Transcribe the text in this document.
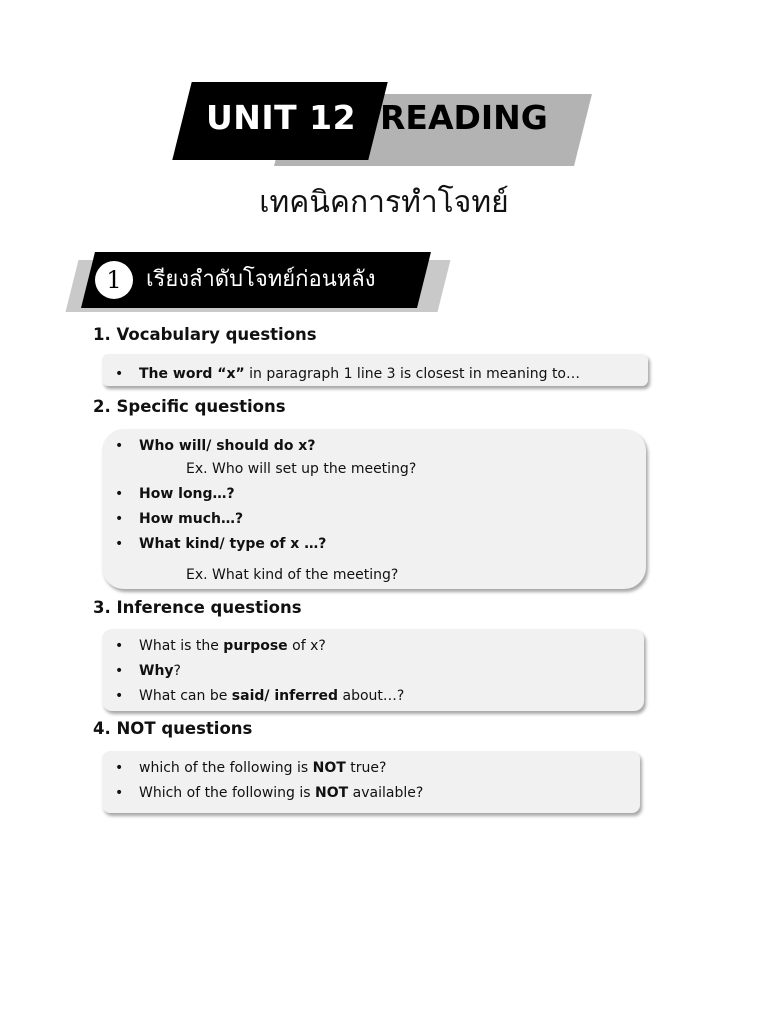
UNIT 12 READING
เทคนิคการทำโจทย์
1	เรียงลำดับโจทย์ก่อนหลัง
1. Vocabulary questions
• The word “x” in paragraph 1 line 3 is closest in meaning to…
2. Specific questions
• Who will/ should do x?
Ex. Who will set up the meeting?
• How long…?
• How much…?
• What kind/ type of x …?
Ex. What kind of the meeting?
3. Inference questions
• What is the purpose of x?
• Why?
• What can be said/ inferred about…?
4. NOT questions
• which of the following is NOT true?
• Which of the following is NOT available?
